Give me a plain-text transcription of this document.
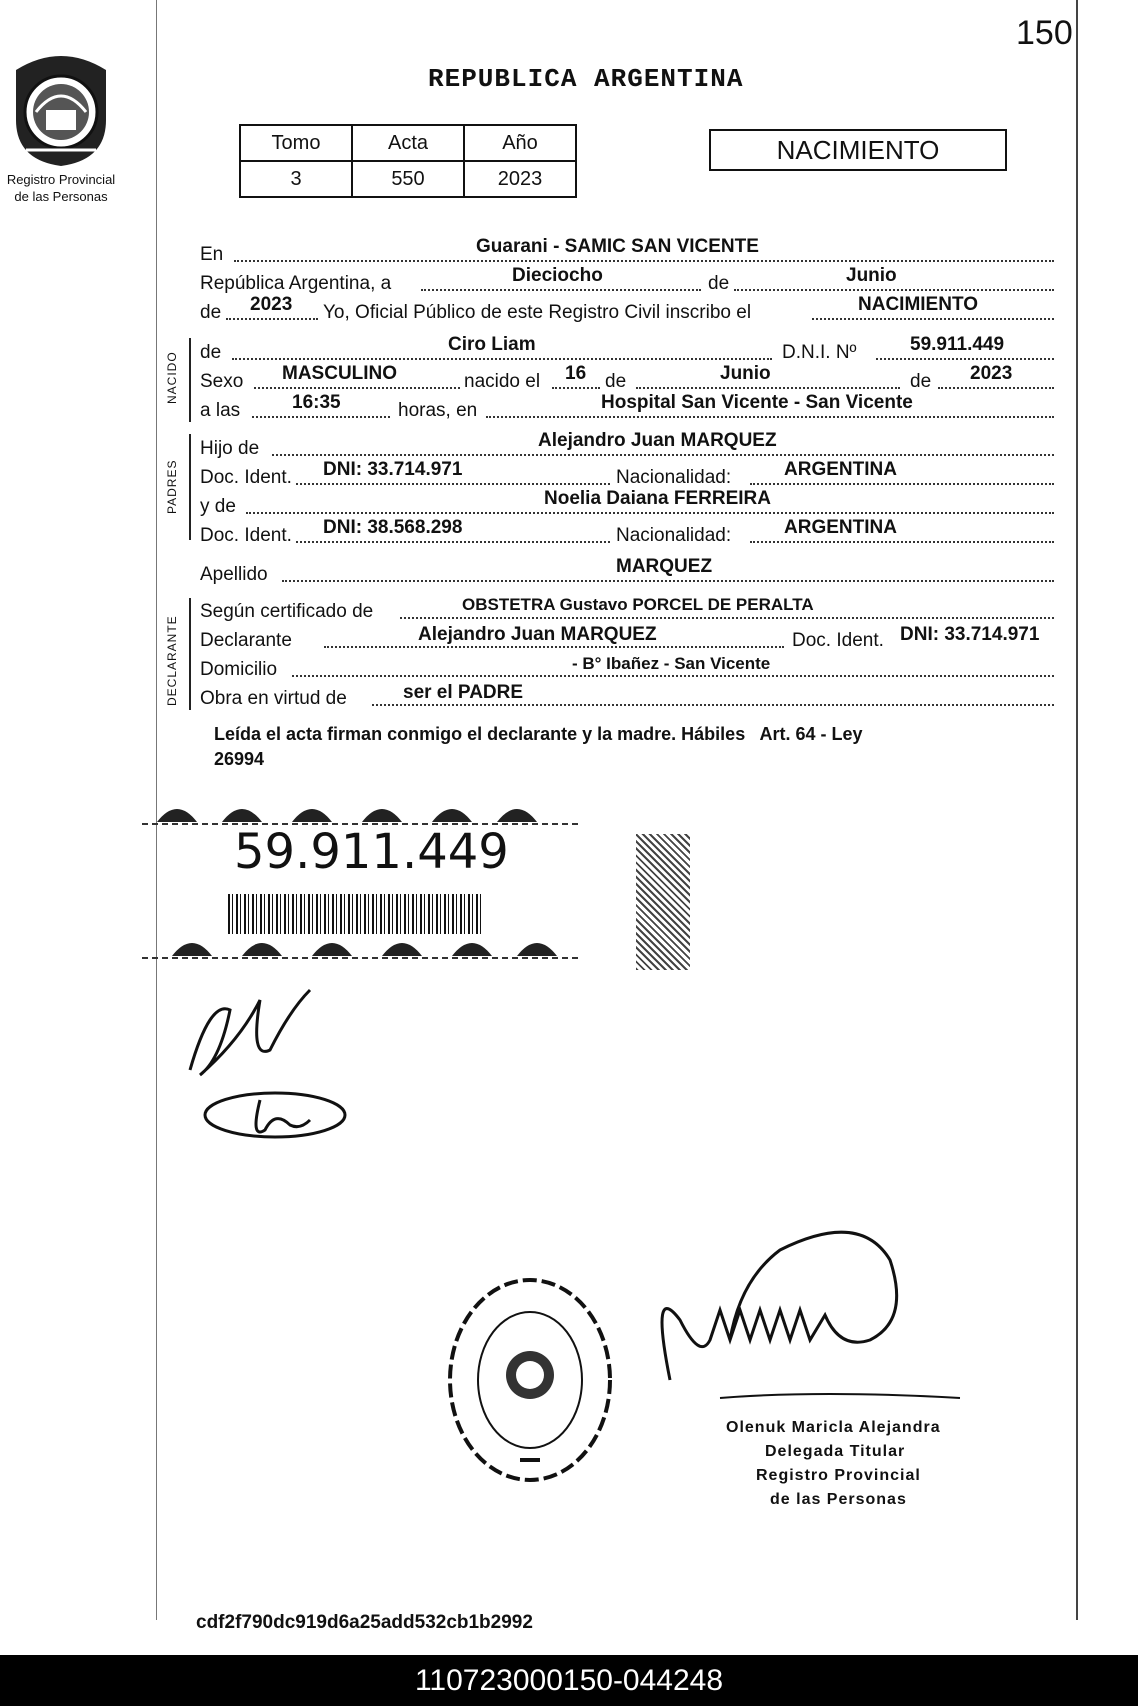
150
Registro Provincial
de las Personas
REPUBLICA ARGENTINA
Tomo	Acta	Año
3	550	2023
NACIMIENTO
En	Guarani - SAMIC SAN VICENTE
República Argentina, a	Dieciocho	de	Junio
de 2023 Yo, Oficial Público de este Registro Civil inscribo el	NACIMIENTO
NACIDO de	Ciro Liam	D.N.I. Nº	59.911.449
Sexo MASCULINO	nacido el 16 de	Junio	de 2023
a las	16:35	horas, en	Hospital San Vicente - San Vicente
PADRES
Hijo de	Alejandro Juan MARQUEZ
Doc. Ident. DNI: 33.714.971	Nacionalidad:	ARGENTINA
y de	Noelia Daiana FERREIRA
Doc. Ident. DNI: 38.568.298	Nacionalidad:	ARGENTINA
Apellido	MARQUEZ
DECLARANTE
Según certificado de	OBSTETRA Gustavo PORCEL DE PERALTA
Declarante	Alejandro Juan MARQUEZ	Doc. Ident. DNI: 33.714.971
Domicilio	- B° Ibañez - San Vicente
Obra en virtud de	ser el PADRE
Leída el acta firman conmigo el declarante y la madre. Hábiles   Art. 64 - Ley
26994
59.911.449
Olenuk Maricla Alejandra
Delegada Titular
Registro Provincial
de las Personas
cdf2f790dc919d6a25add532cb1b2992
110723000150-044248
